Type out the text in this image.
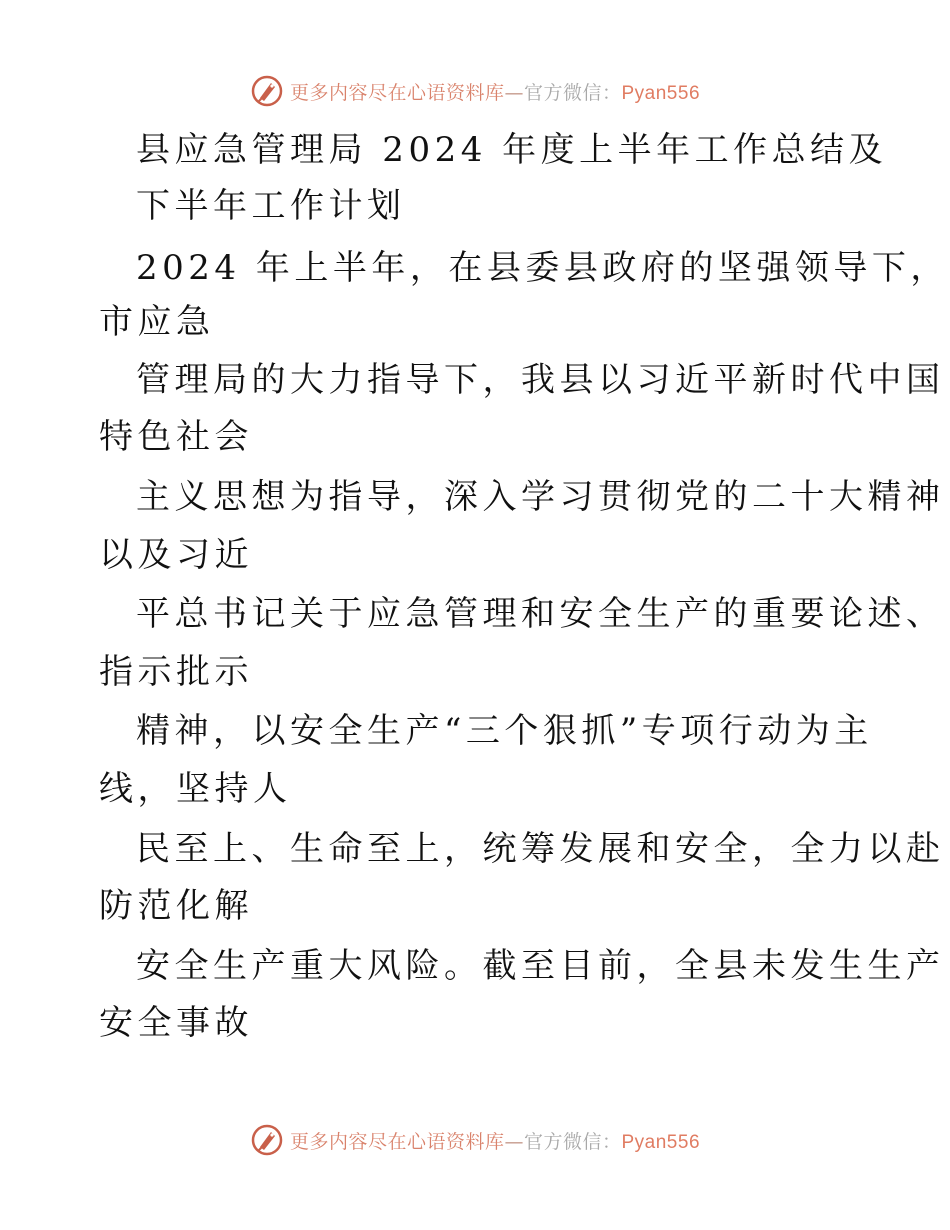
更多内容尽在心语资料库—官方微信：Pyan556
县应急管理局 2024 年度上半年工作总结及
下半年工作计划
2024 年上半年，在县委县政府的坚强领导下，
市应急
管理局的大力指导下，我县以习近平新时代中国
特色社会
主义思想为指导，深入学习贯彻党的二十大精神
以及习近
平总书记关于应急管理和安全生产的重要论述、
指示批示
精神，以安全生产“三个狠抓”专项行动为主
线，坚持人
民至上、生命至上，统筹发展和安全，全力以赴
防范化解
安全生产重大风险。截至目前，全县未发生生产
安全事故
更多内容尽在心语资料库—官方微信：Pyan556
